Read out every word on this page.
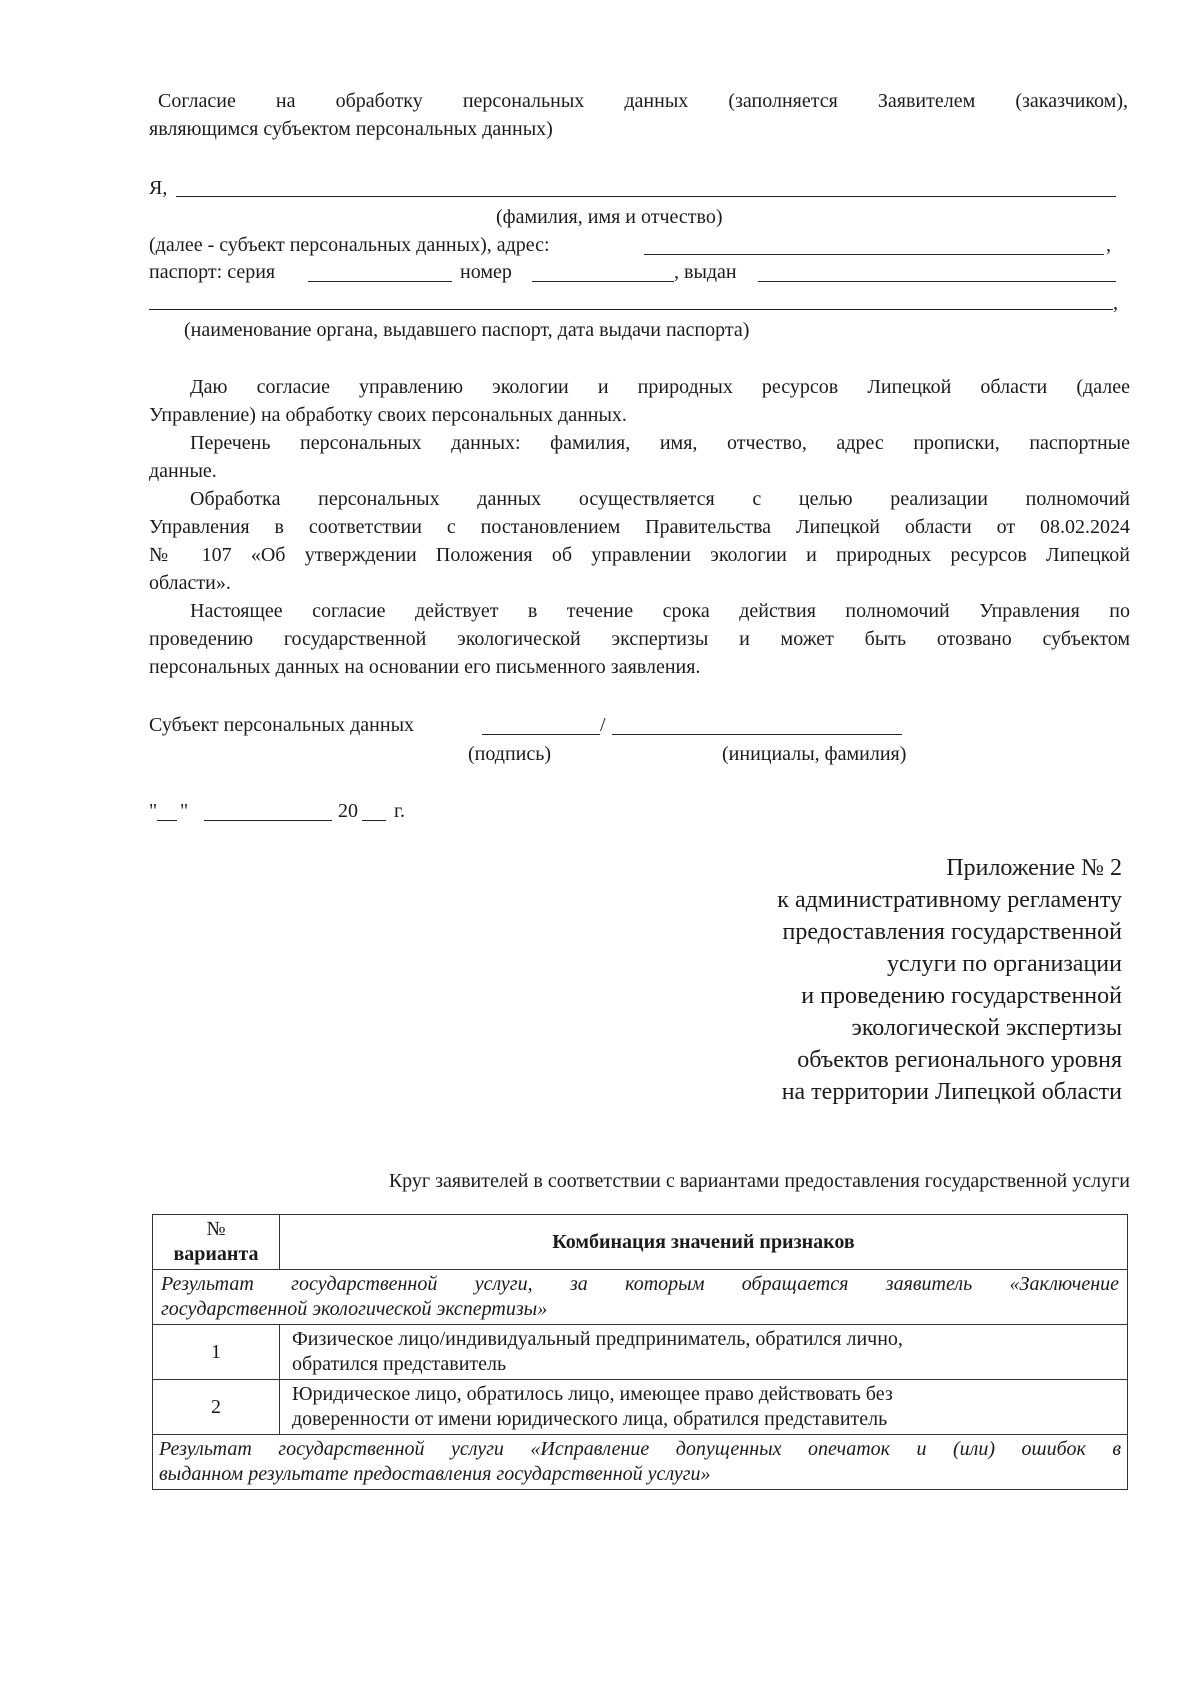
Согласие на обработку персональных данных (заполняется Заявителем (заказчиком),
являющимся субъектом персональных данных)
Я,
(фамилия, имя и отчество)
(далее - субъект персональных данных), адрес:	,
паспорт: серия	номер	, выдан
,
(наименование органа, выдавшего паспорт, дата выдачи паспорта)
Даю согласие управлению экологии и природных ресурсов Липецкой области (далее
Управление) на обработку своих персональных данных.
Перечень персональных данных: фамилия, имя, отчество, адрес прописки, паспортные
данные.
Обработка персональных данных осуществляется с целью реализации полномочий
Управления в соответствии с постановлением Правительства Липецкой области от 08.02.2024
№ 107 «Об утверждении Положения об управлении экологии и природных ресурсов Липецкой
области».
Настоящее согласие действует в течение срока действия полномочий Управления по
проведению государственной экологической экспертизы и может быть отозвано субъектом
персональных данных на основании его письменного заявления.
Субъект персональных данных	/
(подпись)	(инициалы, фамилия)
" "	20 г.
Приложение № 2
к административному регламенту
предоставления государственной
услуги по организации
и проведению государственной
экологической экспертизы
объектов регионального уровня
на территории Липецкой области
Круг заявителей в соответствии с вариантами предоставления государственной услуги
№
варианта	Комбинация значений признаков

Результат государственной услуги, за которым обращается заявитель «Заключение
государственной экологической экспертизы»	

1	Физическое лицо/индивидуальный предприниматель, обратился лично,
обратился представитель

2	Юридическое лицо, обратилось лицо, имеющее право действовать без
доверенности от имени юридического лица, обратился представитель

Результат государственной услуги «Исправление допущенных опечаток и (или) ошибок в
выданном результате предоставления государственной услуги»	
